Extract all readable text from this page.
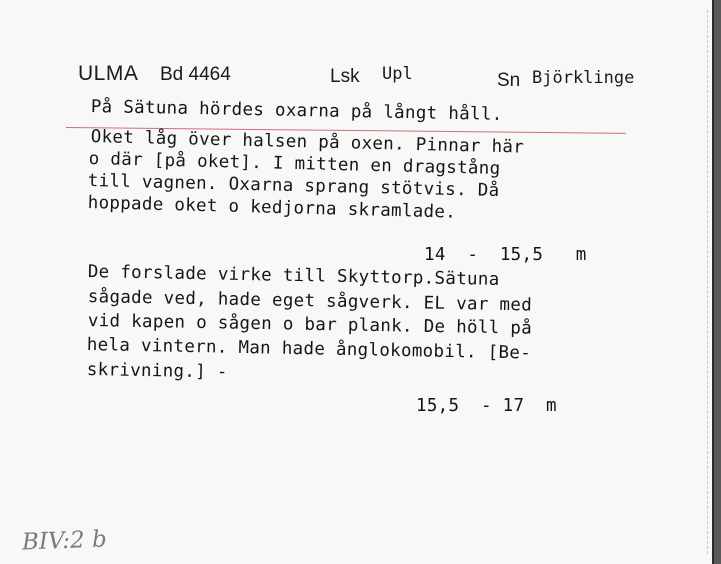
ULMA Bd 4464	Lsk Upl	Sn Björklinge
På Sätuna hördes oxarna på långt håll.
Oket låg över halsen på oxen. Pinnar här
o där [på oket]. I mitten en dragstång
till vagnen. Oxarna sprang stötvis. Då
hoppade oket o kedjorna skramlade.
14  -  15,5   m
De forslade virke till Skyttorp.Sätuna
sågade ved, hade eget sågverk. EL var med
vid kapen o sågen o bar plank. De höll på
hela vintern. Man hade ånglokomobil. [Be-
skrivning.] -
15,5  - 17  m
BIV:2 b
